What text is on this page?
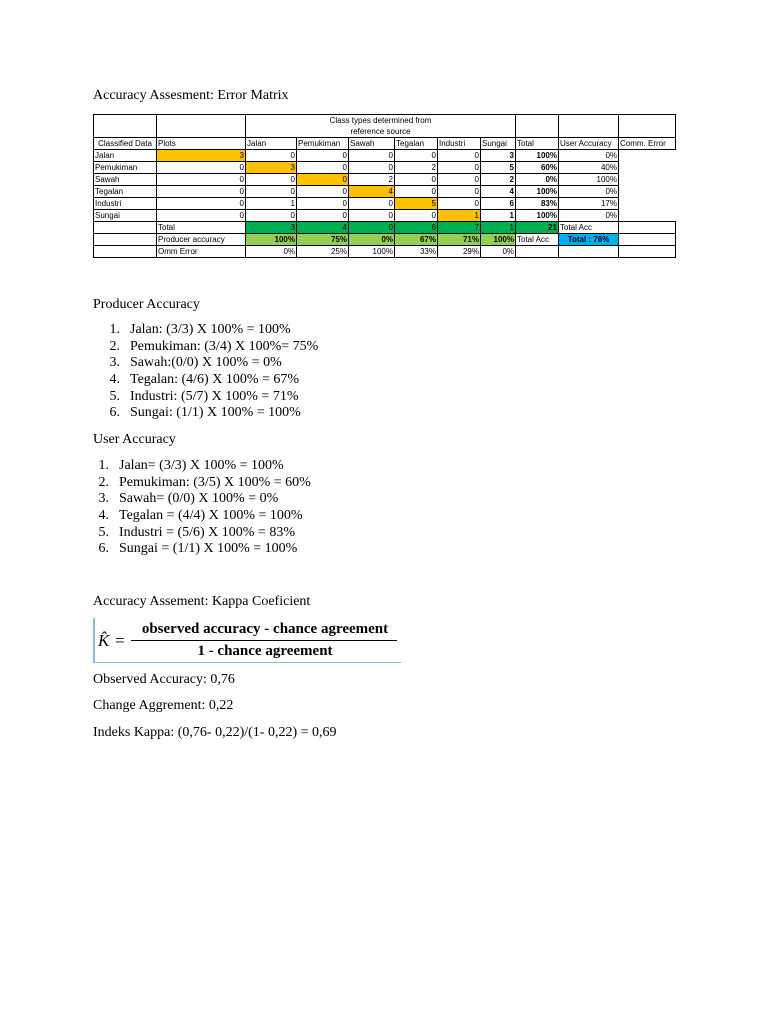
Accuracy Assesment: Error Matrix

		Class types determined from
reference source								

Classified Data	Plots	Jalan	Pemukiman	Sawah	Tegalan	Industri	Sungai	Total	User Accuracy	Comm. Error
Jalan	3	0	0	0	0	0	3	100%	0%	
Pemukiman	0	3	0	0	2	0	5	60%	40%	
Sawah	0	0	0	2	0	0	2	0%	100%	
Tegalan	0	0	0	4	0	0	4	100%	0%	
Industri	0	1	0	0	5	0	6	83%	17%	
Sungai	0	0	0	0	0	1	1	100%	0%	
	Total	3	4	0	6	7	1	21	Total Acc	
	Producer accuracy	100%	75%	0%	67%	71%	100%	Total Acc	Total : 76%	
	Omm Error	0%	25%	100%	33%	29%	0%			
Producer Accuracy
1. Jalan: (3/3) X 100% = 100%
2. Pemukiman: (3/4) X 100%= 75%
3. Sawah:(0/0) X 100% = 0%
4. Tegalan: (4/6) X 100% = 67%
5. Industri: (5/7) X 100% = 71%
6. Sungai: (1/1) X 100% = 100%
User Accuracy
1. Jalan= (3/3) X 100% = 100%
2. Pemukiman: (3/5) X 100% = 60%
3. Sawah= (0/0) X 100% = 0%
4. Tegalan = (4/4) X 100% = 100%
5. Industri = (5/6) X 100% = 83%
6. Sungai = (1/1) X 100% = 100%
Accuracy Assement: Kappa Coeficient
K̂ =
observed accuracy - chance agreement
1 - chance agreement
Observed Accuracy: 0,76
Change Aggrement: 0,22
Indeks Kappa: (0,76- 0,22)/(1- 0,22) = 0,69
